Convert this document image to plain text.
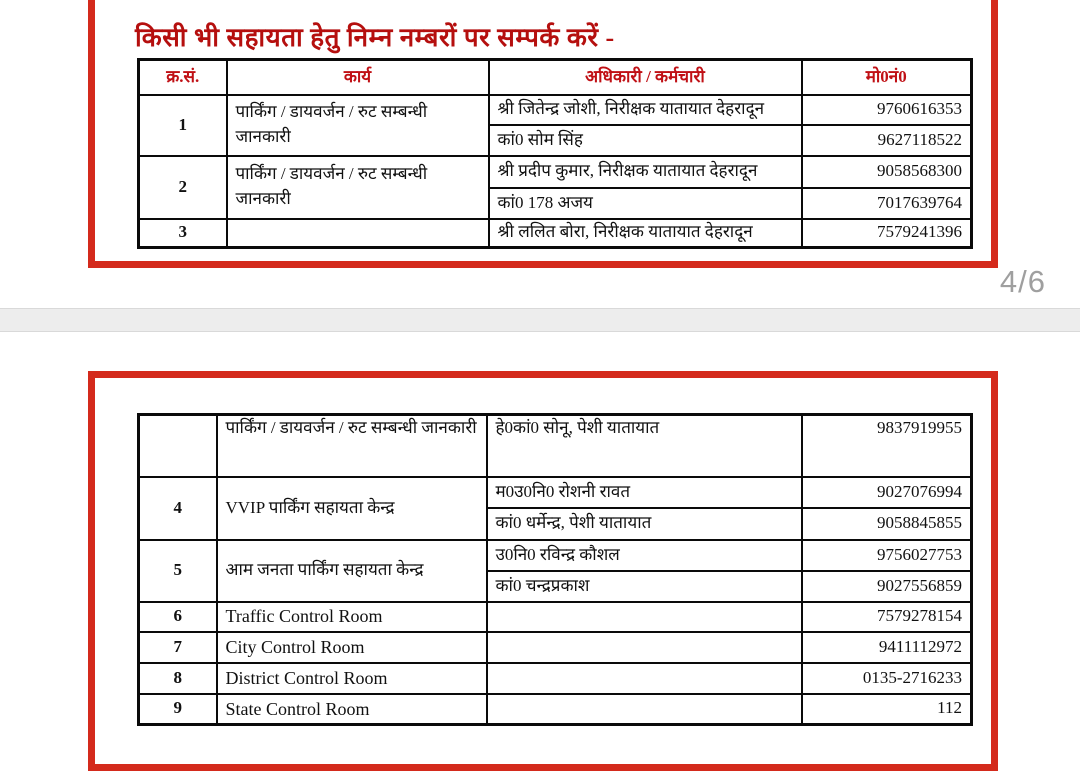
किसी भी सहायता हेतु निम्न नम्बरों पर सम्पर्क करें -
क्र.सं.	कार्य	अधिकारी / कर्मचारी	मो0नं0
1	पार्किंग / डायवर्जन / रुट सम्बन्धी जानकारी	श्री जितेन्द्र जोशी, निरीक्षक यातायात देहरादून	9760616353
		कां0 सोम सिंह	9627118522
2	पार्किंग / डायवर्जन / रुट सम्बन्धी जानकारी	श्री प्रदीप कुमार, निरीक्षक यातायात देहरादून	9058568300
		कां0 178 अजय	7017639764
3		श्री ललित बोरा, निरीक्षक यातायात देहरादून	7579241396
4/6
	पार्किंग / डायवर्जन / रुट सम्बन्धी जानकारी	हे0कां0 सोनू, पेशी यातायात	9837919955
4	VVIP पार्किंग सहायता केन्द्र	म0उ0नि0 रोशनी रावत	9027076994
		कां0 धर्मेन्द्र, पेशी यातायात	9058845855
5	आम जनता पार्किंग सहायता केन्द्र	उ0नि0 रविन्द्र कौशल	9756027753
		कां0 चन्द्रप्रकाश	9027556859
6	Traffic Control Room		7579278154
7	City Control Room		9411112972
8	District Control Room		0135-2716233
9	State Control Room		112
